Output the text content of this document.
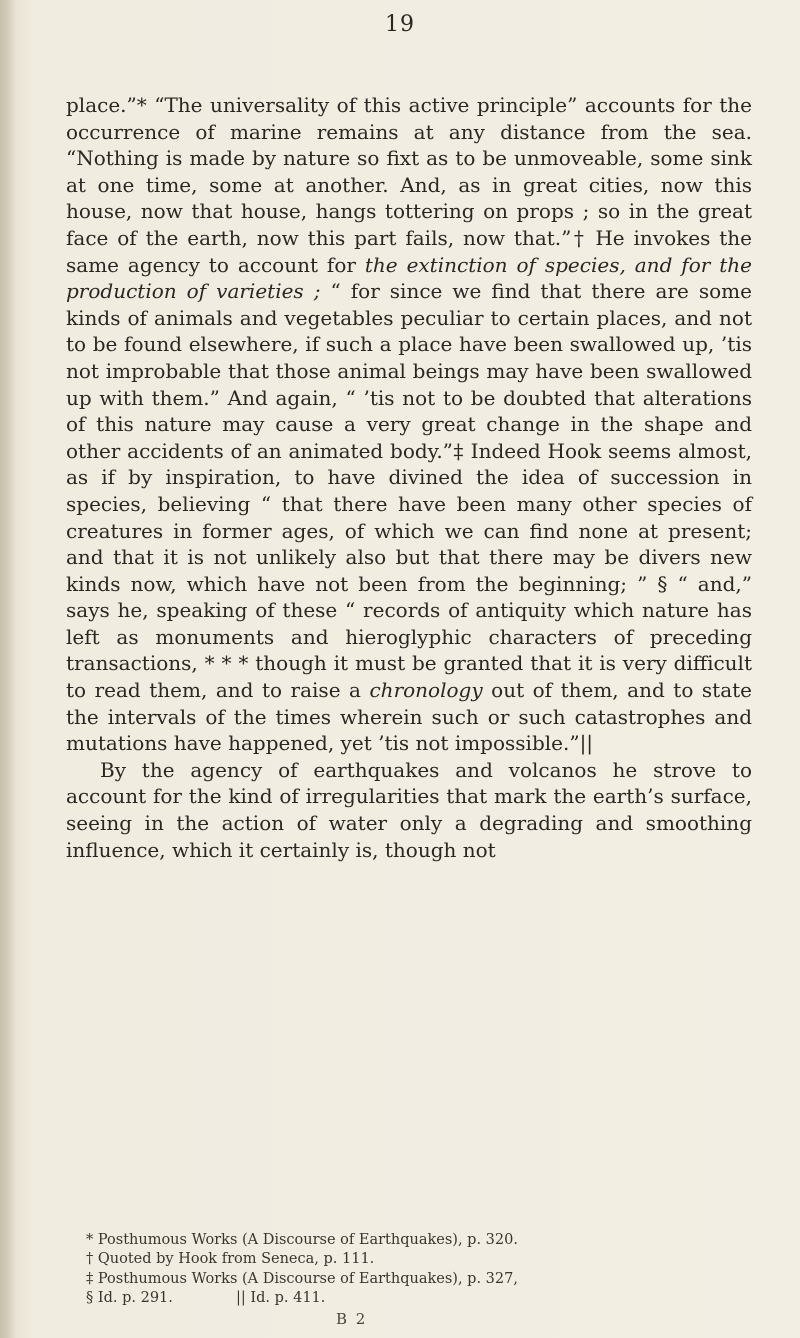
19

place.”* “The universality of this active principle” accounts for the occurrence of marine remains at any distance from the sea. “Nothing is made by nature so fixt as to be unmoveable, some sink at one time, some at another. And, as in great cities, now this house, now that house, hangs tottering on props ; so in the great face of the earth, now this part fails, now that.”† He invokes the same agency to account for the extinction of species, and for the production of varieties ; “ for since we find that there are some kinds of animals and vegetables peculiar to certain places, and not to be found elsewhere, if such a place have been swallowed up, ’tis not improbable that those animal beings may have been swallowed up with them.” And again, “ ’tis not to be doubted that alterations of this nature may cause a very great change in the shape and other accidents of an animated body.”‡ Indeed Hook seems almost, as if by inspiration, to have divined the idea of succession in species, believing “ that there have been many other species of creatures in former ages, of which we can find none at present; and that it is not unlikely also but that there may be divers new kinds now, which have not been from the beginning; ” § “ and,” says he, speaking of these “ records of antiquity which nature has left as monuments and hieroglyphic characters of preceding transactions, * * * though it must be granted that it is very difficult to read them, and to raise a chronology out of them, and to state the intervals of the times wherein such or such catastrophes and mutations have happened, yet ’tis not impossible.”||

By the agency of earthquakes and volcanos he strove to account for the kind of irregularities that mark the earth’s surface, seeing in the action of water only a degrading and smoothing influence, which it certainly is, though not

* Posthumous Works (A Discourse of Earthquakes), p. 320.
† Quoted by Hook from Seneca, p. 111.
‡ Posthumous Works (A Discourse of Earthquakes), p. 327,
§ Id. p. 291.	|| Id. p. 411.
B 2
